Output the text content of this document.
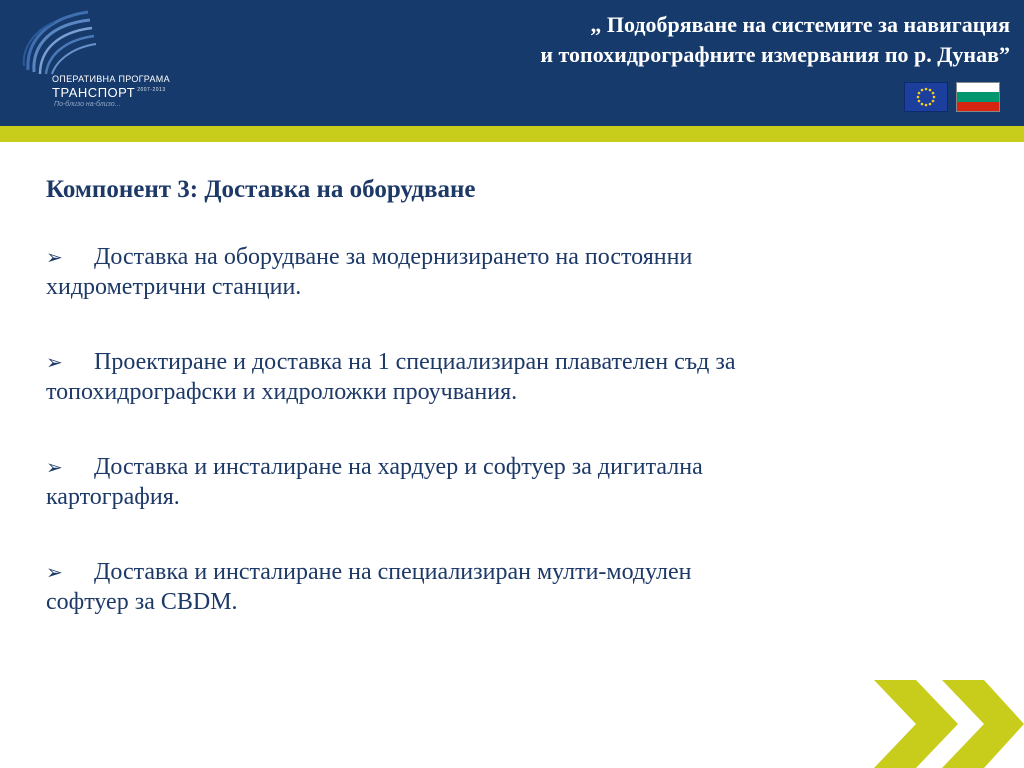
ОПЕРАТИВНА ПРОГРАМА
ТРАНСПОРТ $^{2007-2013}$
По-близо на-близо...
„ Подобряване на системите за навигация
и топохидрографните измервания по р. Дунав”
Компонент 3: Доставка на оборудване
➢ Доставка на оборудване за модернизирането на постоянни
хидрометрични станции.
➢ Проектиране и доставка на 1 специализиран плавателен съд за
топохидрографски и хидроложки проучвания.
➢ Доставка и инсталиране на хардуер и софтуер за дигитална
картография.
➢ Доставка и инсталиране на специализиран мулти-модулен
софтуер за CBDM.
